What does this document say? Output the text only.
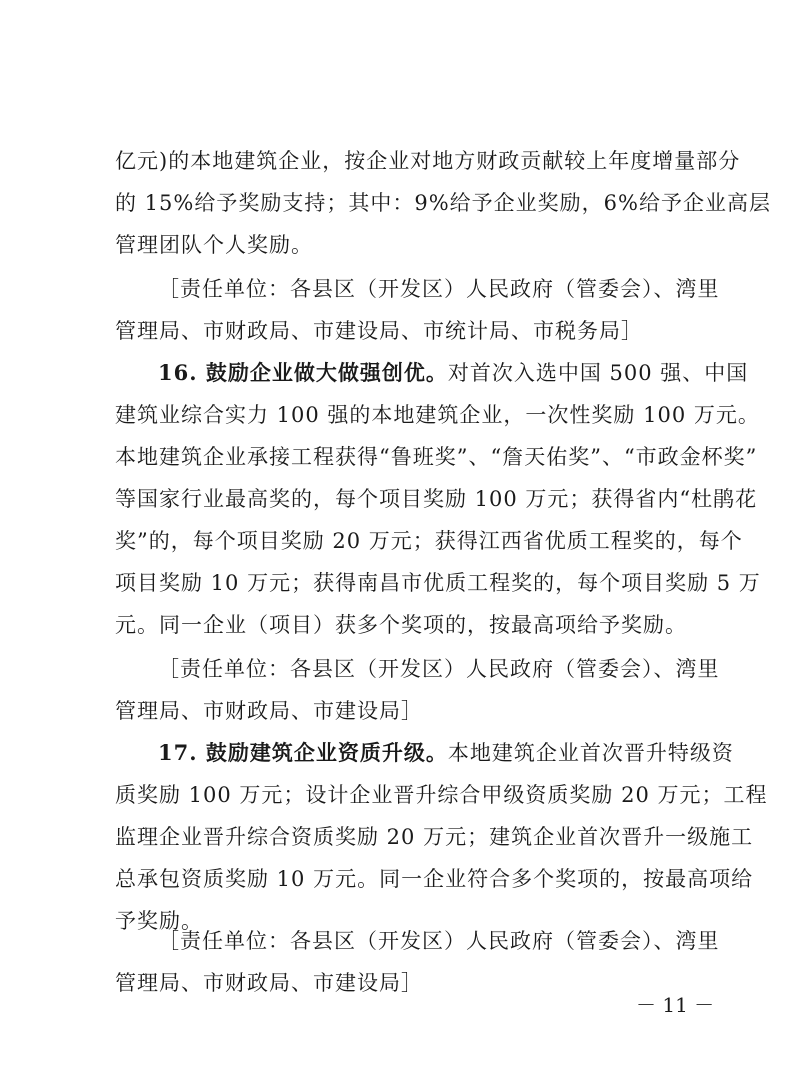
亿元)的本地建筑企业，按企业对地方财政贡献较上年度增量部分
的 15%给予奖励支持；其中：9%给予企业奖励，6%给予企业高层
管理团队个人奖励。
［责任单位：各县区（开发区）人民政府（管委会）、湾里
管理局、市财政局、市建设局、市统计局、市税务局］
16. 鼓励企业做大做强创优。对首次入选中国 500 强、中国
建筑业综合实力 100 强的本地建筑企业，一次性奖励 100 万元。
本地建筑企业承接工程获得“鲁班奖”、“詹天佑奖”、“市政金杯奖”
等国家行业最高奖的，每个项目奖励 100 万元；获得省内“杜鹃花
奖”的，每个项目奖励 20 万元；获得江西省优质工程奖的，每个
项目奖励 10 万元；获得南昌市优质工程奖的，每个项目奖励 5 万
元。同一企业（项目）获多个奖项的，按最高项给予奖励。
［责任单位：各县区（开发区）人民政府（管委会）、湾里
管理局、市财政局、市建设局］
17. 鼓励建筑企业资质升级。本地建筑企业首次晋升特级资
质奖励 100 万元；设计企业晋升综合甲级资质奖励 20 万元；工程
监理企业晋升综合资质奖励 20 万元；建筑企业首次晋升一级施工
总承包资质奖励 10 万元。同一企业符合多个奖项的，按最高项给
予奖励。
［责任单位：各县区（开发区）人民政府（管委会）、湾里
管理局、市财政局、市建设局］
－ 11 －
